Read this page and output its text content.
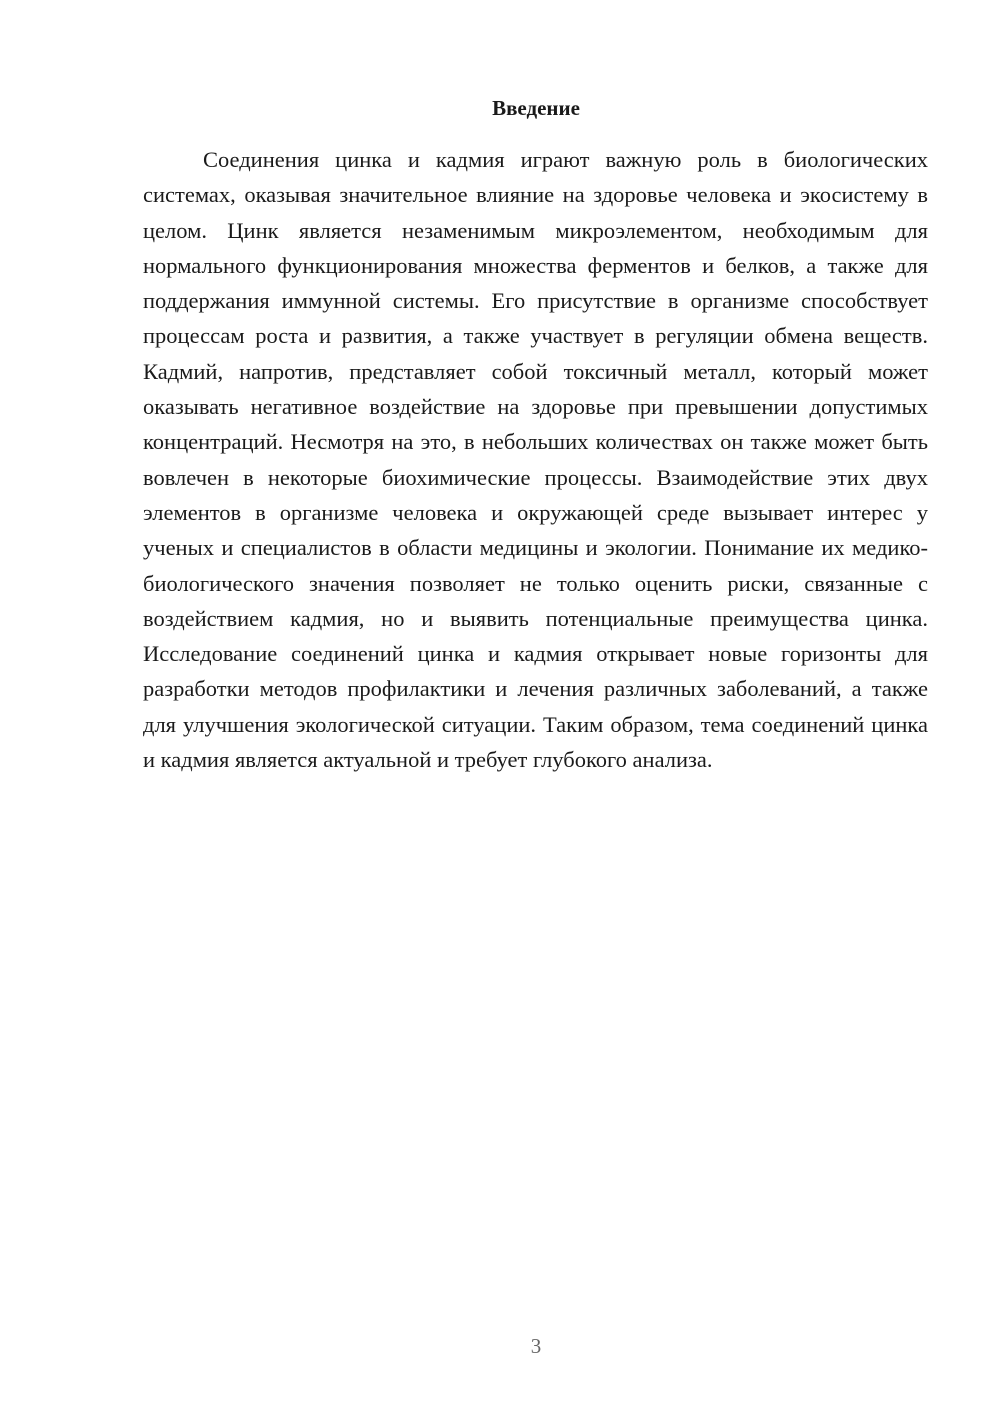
Введение

Соединения цинка и кадмия играют важную роль в биологических системах, оказывая значительное влияние на здоровье человека и экосистему в целом. Цинк является незаменимым микроэлементом, необходимым для нормального функционирования множества ферментов и белков, а также для поддержания иммунной системы. Его присутствие в организме способствует процессам роста и развития, а также участвует в регуляции обмена веществ. Кадмий, напротив, представляет собой токсичный металл, который может оказывать негативное воздействие на здоровье при превышении допустимых концентраций. Несмотря на это, в небольших количествах он также может быть вовлечен в некоторые биохимические процессы. Взаимодействие этих двух элементов в организме человека и окружающей среде вызывает интерес у ученых и специалистов в области медицины и экологии. Понимание их медико-биологического значения позволяет не только оценить риски, связанные с воздействием кадмия, но и выявить потенциальные преимущества цинка. Исследование соединений цинка и кадмия открывает новые горизонты для разработки методов профилактики и лечения различных заболеваний, а также для улучшения экологической ситуации. Таким образом, тема соединений цинка и кадмия является актуальной и требует глубокого анализа.

3
